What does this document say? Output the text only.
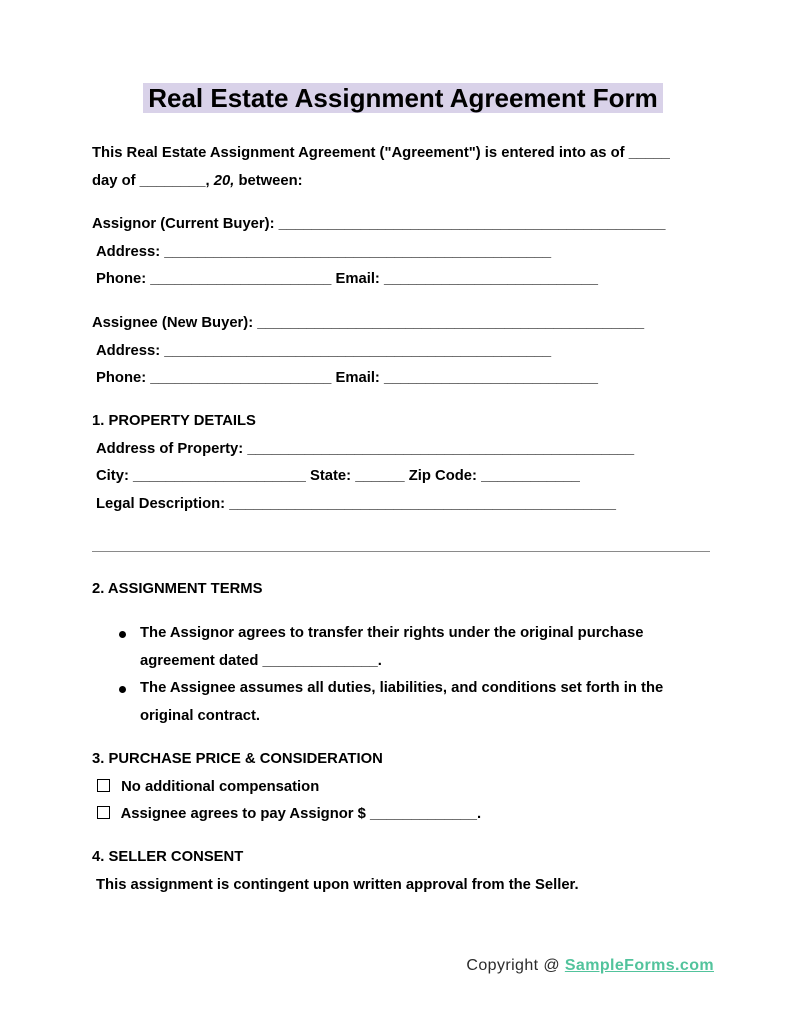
Real Estate Assignment Agreement Form
This Real Estate Assignment Agreement ("Agreement") is entered into as of _____
day of ________, 20, between:
Assignor (Current Buyer): _______________________________________________
Address: _______________________________________________
Phone: ______________________ Email: __________________________
Assignee (New Buyer): _______________________________________________
Address: _______________________________________________
Phone: ______________________ Email: __________________________
1. PROPERTY DETAILS
Address of Property: _______________________________________________
City: _____________________ State: ______ Zip Code: ____________
Legal Description: _______________________________________________
2. ASSIGNMENT TERMS
The Assignor agrees to transfer their rights under the original purchase agreement dated ______________.
The Assignee assumes all duties, liabilities, and conditions set forth in the original contract.
3. PURCHASE PRICE & CONSIDERATION
No additional compensation
Assignee agrees to pay Assignor $ _____________.
4. SELLER CONSENT
This assignment is contingent upon written approval from the Seller.
Copyright @ SampleForms.com
